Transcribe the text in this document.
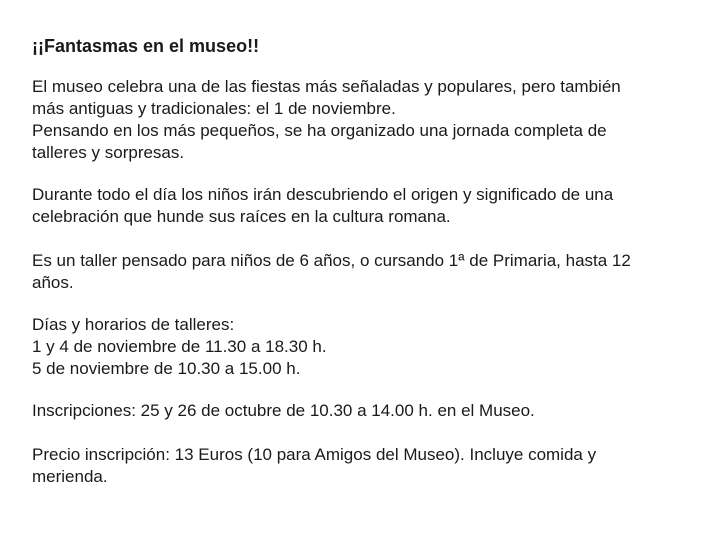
¡¡Fantasmas en el museo!!

El museo celebra una de las fiestas más señaladas y populares, pero también

más antiguas y tradicionales: el 1 de noviembre.

Pensando en los más pequeños, se ha organizado una jornada completa de

talleres y sorpresas.

Durante todo el día los niños irán descubriendo el origen y significado de una

celebración que hunde sus raíces en la cultura romana.

Es un taller pensado para niños de 6 años, o cursando 1ª de Primaria, hasta 12

años.

Días y horarios de talleres:

1 y 4 de noviembre de 11.30 a 18.30 h.

5 de noviembre de 10.30 a 15.00 h.

Inscripciones: 25 y 26 de octubre de 10.30 a 14.00 h. en el Museo.

Precio inscripción: 13 Euros (10 para Amigos del Museo). Incluye comida y

merienda.
